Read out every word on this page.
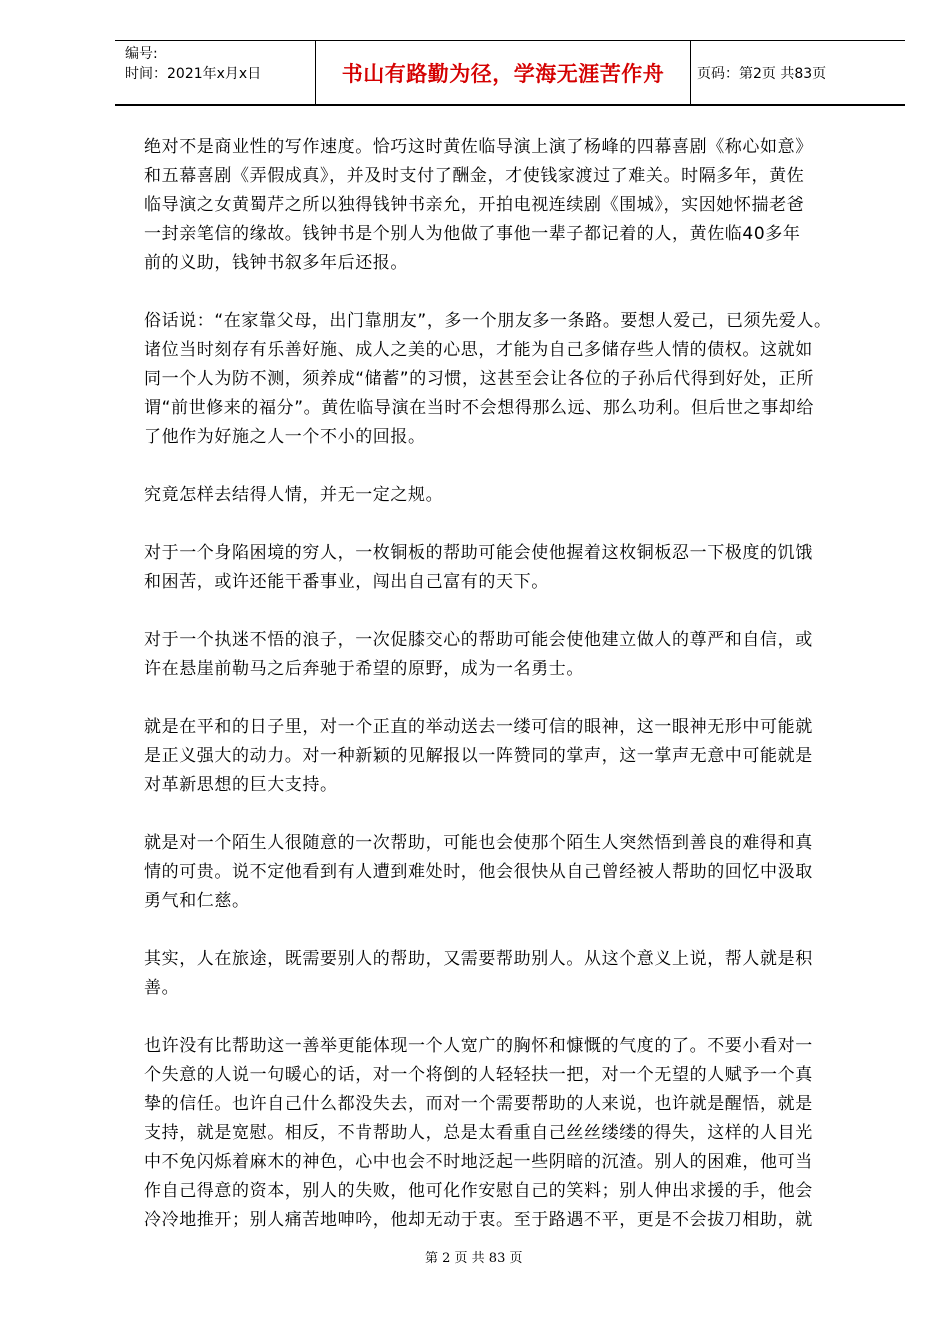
编号:
时间：2021年x月x日	书山有路勤为径，学海无涯苦作舟 页码：第2页 共83页

绝对不是商业性的写作速度。恰巧这时黄佐临导演上演了杨峰的四幕喜剧《称心如意》
和五幕喜剧《弄假成真》，并及时支付了酬金，才使钱家渡过了难关。时隔多年，黄佐
临导演之女黄蜀芹之所以独得钱钟书亲允，开拍电视连续剧《围城》，实因她怀揣老爸
一封亲笔信的缘故。钱钟书是个别人为他做了事他一辈子都记着的人，黄佐临40多年
前的义助，钱钟书叙多年后还报。

俗话说：“在家靠父母，出门靠朋友”，多一个朋友多一条路。要想人爱己，已须先爱人。
诸位当时刻存有乐善好施、成人之美的心思，才能为自己多储存些人情的债权。这就如
同一个人为防不测，须养成“储蓄”的习惯，这甚至会让各位的子孙后代得到好处，正所
谓“前世修来的福分”。黄佐临导演在当时不会想得那么远、那么功利。但后世之事却给
了他作为好施之人一个不小的回报。

究竟怎样去结得人情，并无一定之规。

对于一个身陷困境的穷人，一枚铜板的帮助可能会使他握着这枚铜板忍一下极度的饥饿
和困苦，或许还能干番事业，闯出自己富有的天下。

对于一个执迷不悟的浪子，一次促膝交心的帮助可能会使他建立做人的尊严和自信，或
许在悬崖前勒马之后奔驰于希望的原野，成为一名勇士。

就是在平和的日子里，对一个正直的举动送去一缕可信的眼神，这一眼神无形中可能就
是正义强大的动力。对一种新颖的见解报以一阵赞同的掌声，这一掌声无意中可能就是
对革新思想的巨大支持。

就是对一个陌生人很随意的一次帮助，可能也会使那个陌生人突然悟到善良的难得和真
情的可贵。说不定他看到有人遭到难处时，他会很快从自己曾经被人帮助的回忆中汲取
勇气和仁慈。

其实，人在旅途，既需要别人的帮助，又需要帮助别人。从这个意义上说，帮人就是积
善。

也许没有比帮助这一善举更能体现一个人宽广的胸怀和慷慨的气度的了。不要小看对一
个失意的人说一句暖心的话，对一个将倒的人轻轻扶一把，对一个无望的人赋予一个真
挚的信任。也许自己什么都没失去，而对一个需要帮助的人来说，也许就是醒悟，就是
支持，就是宽慰。相反，不肯帮助人，总是太看重自己丝丝缕缕的得失，这样的人目光
中不免闪烁着麻木的神色，心中也会不时地泛起一些阴暗的沉渣。别人的困难，他可当
作自己得意的资本，别人的失败，他可化作安慰自己的笑料；别人伸出求援的手，他会
冷冷地推开；别人痛苦地呻吟，他却无动于衷。至于路遇不平，更是不会拔刀相助，就

第 2 页 共 83 页
